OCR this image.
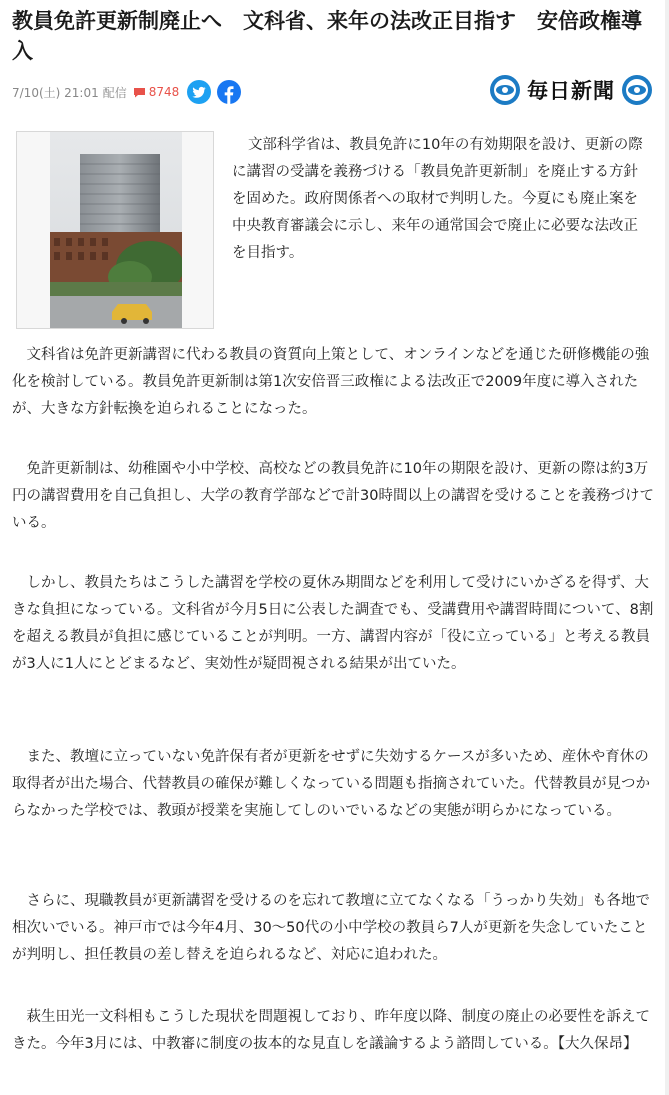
教員免許更新制廃止へ　文科省、来年の法改正目指す　安倍政権導入
7/10(土) 21:01 配信 8748	毎日新聞

文部科学省は、教員免許に10年の有効期限を設け、更新の際に講習の受講を義務づける「教員免許更新制」を廃止する方針を固めた。政府関係者への取材で判明した。今夏にも廃止案を中央教育審議会に示し、来年の通常国会で廃止に必要な法改正を目指す。

文科省は免許更新講習に代わる教員の資質向上策として、オンラインなどを通じた研修機能の強化を検討している。教員免許更新制は第1次安倍晋三政権による法改正で2009年度に導入されたが、大きな方針転換を迫られることになった。

免許更新制は、幼稚園や小中学校、高校などの教員免許に10年の期限を設け、更新の際は約3万円の講習費用を自己負担し、大学の教育学部などで計30時間以上の講習を受けることを義務づけている。

しかし、教員たちはこうした講習を学校の夏休み期間などを利用して受けにいかざるを得ず、大きな負担になっている。文科省が今月5日に公表した調査でも、受講費用や講習時間について、8割を超える教員が負担に感じていることが判明。一方、講習内容が「役に立っている」と考える教員が3人に1人にとどまるなど、実効性が疑問視される結果が出ていた。

また、教壇に立っていない免許保有者が更新をせずに失効するケースが多いため、産休や育休の取得者が出た場合、代替教員の確保が難しくなっている問題も指摘されていた。代替教員が見つからなかった学校では、教頭が授業を実施してしのいでいるなどの実態が明らかになっている。

さらに、現職教員が更新講習を受けるのを忘れて教壇に立てなくなる「うっかり失効」も各地で相次いでいる。神戸市では今年4月、30～50代の小中学校の教員ら7人が更新を失念していたことが判明し、担任教員の差し替えを迫られるなど、対応に追われた。

萩生田光一文科相もこうした現状を問題視しており、昨年度以降、制度の廃止の必要性を訴えてきた。今年3月には、中教審に制度の抜本的な見直しを議論するよう諮問している。【大久保昂】
